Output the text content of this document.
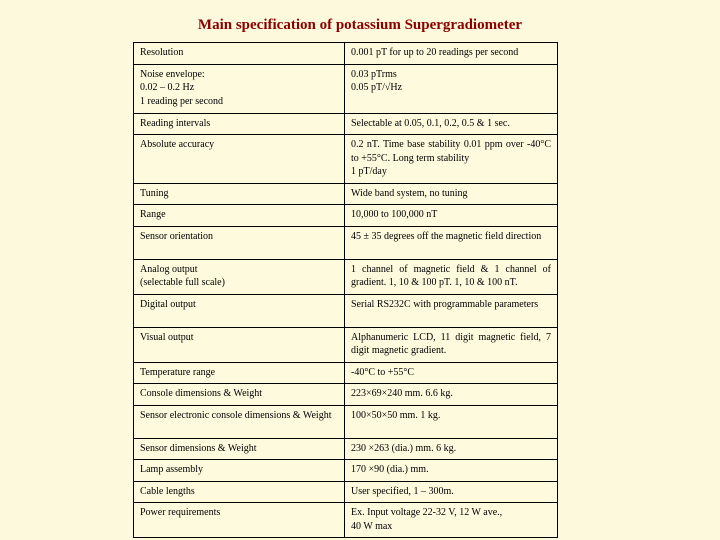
Main specification of potassium Supergradiometer
Resolution	0.001 pT for up to 20 readings per second
Noise envelope:
0.02 – 0.2 Hz
1 reading per second	0.03 pTrms
0.05 pT/√Hz
Reading intervals	Selectable at 0.05, 0.1, 0.2, 0.5 & 1 sec.
Absolute accuracy	0.2 nT. Time base stability 0.01 ppm over -40°C to +55°C. Long term stability
1 pT/day
Tuning	Wide band system, no tuning
Range	10,000 to 100,000 nT
Sensor orientation	45 ± 35 degrees off the magnetic field direction
Analog output
(selectable full scale)	1 channel of magnetic field & 1 channel of gradient. 1, 10 & 100 pT. 1, 10 & 100 nT.
Digital output	Serial RS232C with programmable parameters
Visual output	Alphanumeric LCD, 11 digit magnetic field, 7 digit magnetic gradient.
Temperature range	-40°C to +55°C
Console dimensions & Weight	223×69×240 mm. 6.6 kg.
Sensor electronic console dimensions & Weight	100×50×50 mm. 1 kg.
Sensor dimensions & Weight	230 ×263 (dia.) mm. 6 kg.
Lamp assembly	170 ×90 (dia.) mm.
Cable lengths	User specified, 1 – 300m.
Power requirements	Ex. Input voltage 22-32 V, 12 W ave.,
40 W max
